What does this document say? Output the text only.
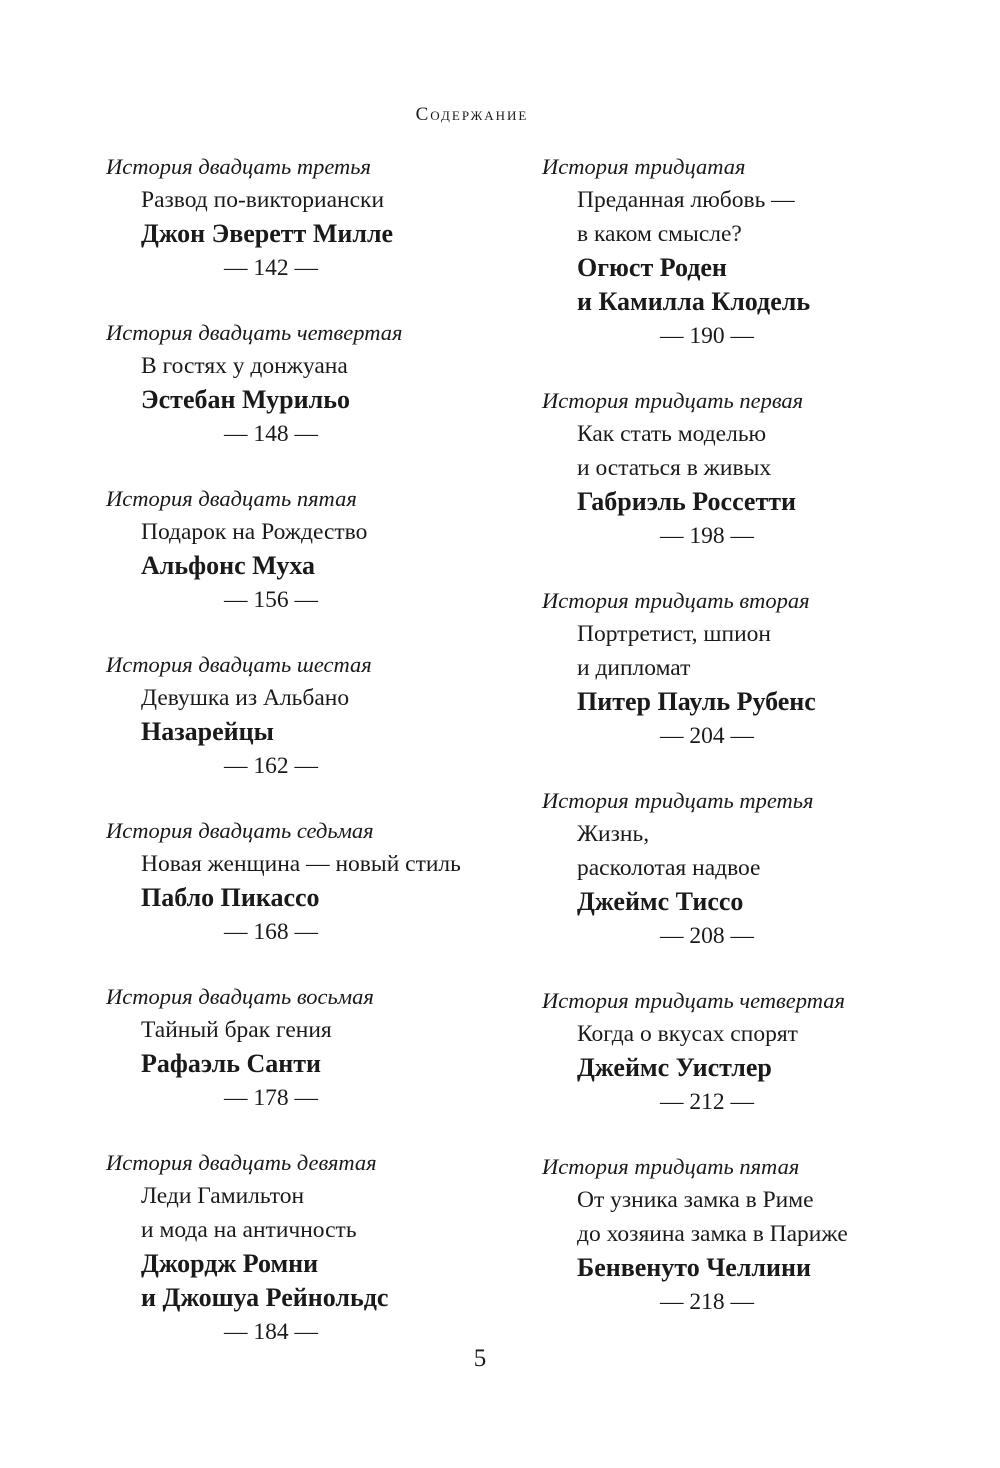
Содержание
История двадцать третья
Развод по-викториански
Джон Эверетт Милле
— 142 —
История двадцать четвертая
В гостях у донжуана
Эстебан Мурильо
— 148 —
История двадцать пятая
Подарок на Рождество
Альфонс Муха
— 156 —
История двадцать шестая
Девушка из Альбано
Назарейцы
— 162 —
История двадцать седьмая
Новая женщина — новый стиль
Пабло Пикассо
— 168 —
История двадцать восьмая
Тайный брак гения
Рафаэль Санти
— 178 —
История двадцать девятая
Леди Гамильтон
и мода на античность
Джордж Ромни
и Джошуа Рейнольдс
— 184 —
История тридцатая
Преданная любовь —
в каком смысле?
Огюст Роден
и Камилла Клодель
— 190 —
История тридцать первая
Как стать моделью
и остаться в живых
Габриэль Россетти
— 198 —
История тридцать вторая
Портретист, шпион
и дипломат
Питер Пауль Рубенс
— 204 —
История тридцать третья
Жизнь,
расколотая надвое
Джеймс Тиссо
— 208 —
История тридцать четвертая
Когда о вкусах спорят
Джеймс Уистлер
— 212 —
История тридцать пятая
От узника замка в Риме
до хозяина замка в Париже
Бенвенуто Челлини
— 218 —
5
